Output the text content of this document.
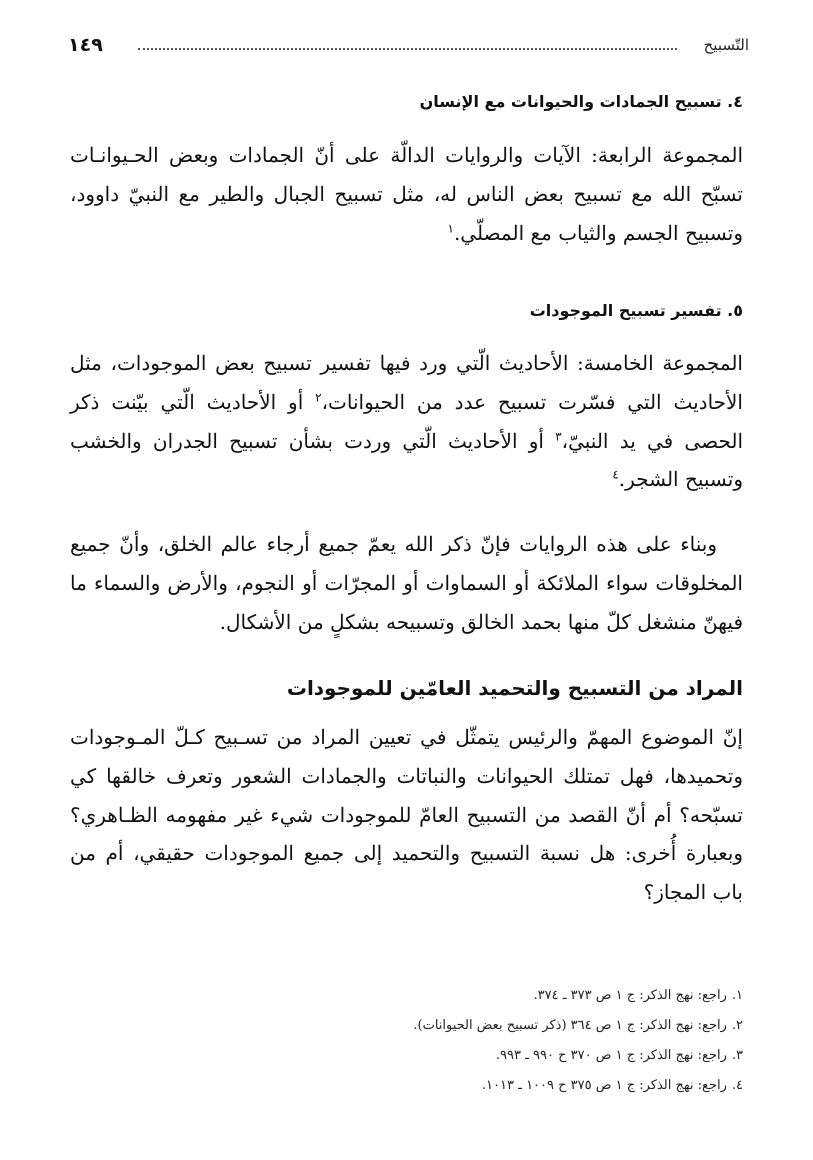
التّسبيح
١٤٩
٤. تسبيح الجمادات والحيوانات مع الإنسان

المجموعة الرابعة: الآيات والروايات الدالّة على أنّ الجمادات وبعض الحـيوانـات تسبّح الله مع تسبيح بعض الناس له، مثل تسبيح الجبال والطير مع النبيّ داوود، وتسبيح الجسم والثياب مع المصلّي.$^١$

٥. تفسير تسبيح الموجودات

المجموعة الخامسة: الأحاديث الّتي ورد فيها تفسير تسبيح بعض الموجودات، مثل الأحاديث التي فسّرت تسبيح عدد من الحيوانات،$^٢$ أو الأحاديث الّتي بيّنت ذكر الحصى في يد النبيّ،$^٣$ أو الأحاديث الّتي وردت بشأن تسبيح الجدران والخشب وتسبيح الشجر.$^٤$

وبناء على هذه الروايات فإنّ ذكر الله يعمّ جميع أرجاء عالم الخلق، وأنّ جميع المخلوقات سواء الملائكة أو السماوات أو المجرّات أو النجوم، والأرض والسماء ما فيهنّ منشغل كلّ منها بحمد الخالق وتسبيحه بشكلٍ من الأشكال.

المراد من التسبيح والتحميد العامّين للموجودات

إنّ الموضوع المهمّ والرئيس يتمثّل في تعيين المراد من تسـبيح كـلّ المـوجودات وتحميدها، فهل تمتلك الحيوانات والنباتات والجمادات الشعور وتعرف خالقها كي تسبّحه؟ أم أنّ القصد من التسبيح العامّ للموجودات شيء غير مفهومه الظـاهري؟ وبعبارة أُخرى: هل نسبة التسبيح والتحميد إلى جميع الموجودات حقيقي، أم من باب المجاز؟

١.راجع: نهج الذكر: ج ١ ص ٣٧٣ ـ ٣٧٤.
٢.راجع: نهج الذكر: ج ١ ص ٣٦٤ (ذكر تسبيح بعض الحيوانات).
٣.راجع: نهج الذكر: ج ١ ص ٣٧٠ ح ٩٩٠ ـ ٩٩٣.
٤.راجع: نهج الذكر: ج ١ ص ٣٧٥ ح ١٠٠٩ ـ ١٠١٣.
